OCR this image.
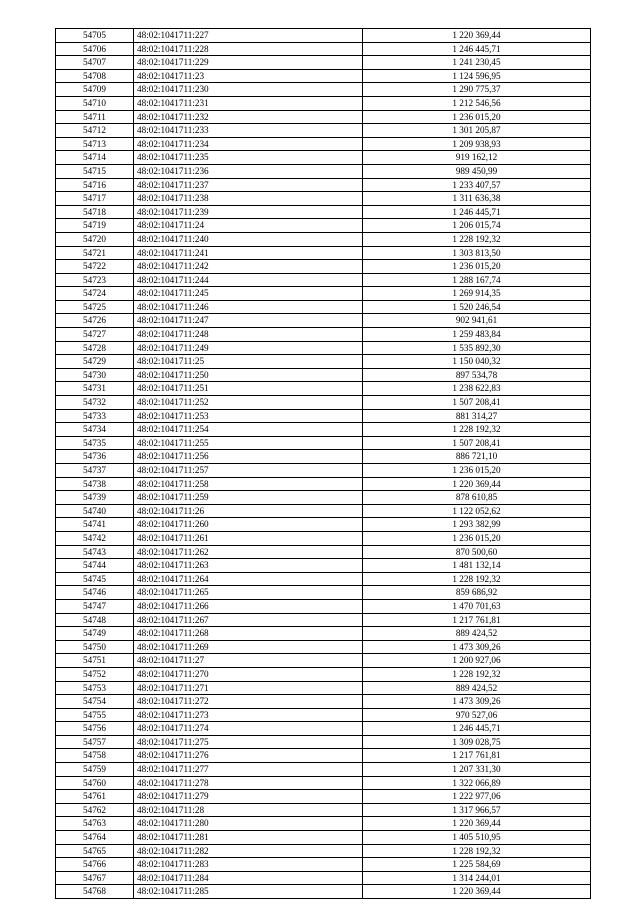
54705	48:02:1041711:227	1 220 369,44
54706	48:02:1041711:228	1 246 445,71
54707	48:02:1041711:229	1 241 230,45
54708	48:02:1041711:23	1 124 596,95
54709	48:02:1041711:230	1 290 775,37
54710	48:02:1041711:231	1 212 546,56
54711	48:02:1041711:232	1 236 015,20
54712	48:02:1041711:233	1 301 205,87
54713	48:02:1041711:234	1 209 938,93
54714	48:02:1041711:235	919 162,12
54715	48:02:1041711:236	989 450,99
54716	48:02:1041711:237	1 233 407,57
54717	48:02:1041711:238	1 311 636,38
54718	48:02:1041711:239	1 246 445,71
54719	48:02:1041711:24	1 206 015,74
54720	48:02:1041711:240	1 228 192,32
54721	48:02:1041711:241	1 303 813,50
54722	48:02:1041711:242	1 236 015,20
54723	48:02:1041711:244	1 288 167,74
54724	48:02:1041711:245	1 269 914,35
54725	48:02:1041711:246	1 520 246,54
54726	48:02:1041711:247	902 941,61
54727	48:02:1041711:248	1 259 483,84
54728	48:02:1041711:249	1 535 892,30
54729	48:02:1041711:25	1 150 040,32
54730	48:02:1041711:250	897 534,78
54731	48:02:1041711:251	1 238 622,83
54732	48:02:1041711:252	1 507 208,41
54733	48:02:1041711:253	881 314,27
54734	48:02:1041711:254	1 228 192,32
54735	48:02:1041711:255	1 507 208,41
54736	48:02:1041711:256	886 721,10
54737	48:02:1041711:257	1 236 015,20
54738	48:02:1041711:258	1 220 369,44
54739	48:02:1041711:259	878 610,85
54740	48:02:1041711:26	1 122 052,62
54741	48:02:1041711:260	1 293 382,99
54742	48:02:1041711:261	1 236 015,20
54743	48:02:1041711:262	870 500,60
54744	48:02:1041711:263	1 481 132,14
54745	48:02:1041711:264	1 228 192,32
54746	48:02:1041711:265	859 686,92
54747	48:02:1041711:266	1 470 701,63
54748	48:02:1041711:267	1 217 761,81
54749	48:02:1041711:268	889 424,52
54750	48:02:1041711:269	1 473 309,26
54751	48:02:1041711:27	1 200 927,06
54752	48:02:1041711:270	1 228 192,32
54753	48:02:1041711:271	889 424,52
54754	48:02:1041711:272	1 473 309,26
54755	48:02:1041711:273	970 527,06
54756	48:02:1041711:274	1 246 445,71
54757	48:02:1041711:275	1 309 028,75
54758	48:02:1041711:276	1 217 761,81
54759	48:02:1041711:277	1 207 331,30
54760	48:02:1041711:278	1 322 066,89
54761	48:02:1041711:279	1 222 977,06
54762	48:02:1041711:28	1 317 966,57
54763	48:02:1041711:280	1 220 369,44
54764	48:02:1041711:281	1 405 510,95
54765	48:02:1041711:282	1 228 192,32
54766	48:02:1041711:283	1 225 584,69
54767	48:02:1041711:284	1 314 244,01
54768	48:02:1041711:285	1 220 369,44
